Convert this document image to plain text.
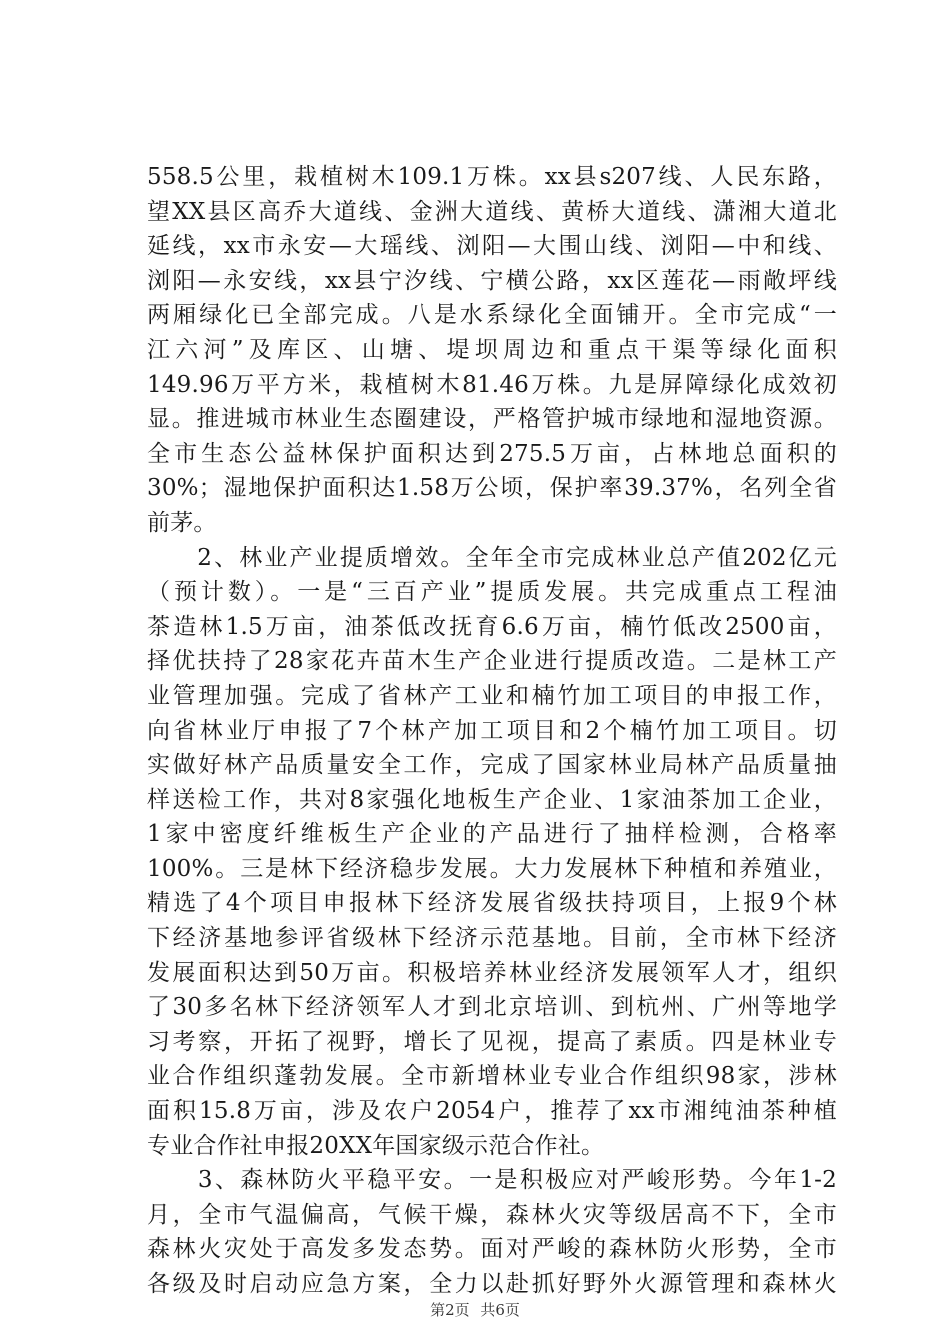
558.5公里，栽植树木109.1万株。xx县s207线、人民东路，
望XX县区高乔大道线、金洲大道线、黄桥大道线、潇湘大道北
延线，xx市永安—大瑶线、浏阳—大围山线、浏阳—中和线、
浏阳—永安线，xx县宁汐线、宁横公路，xx区莲花—雨敞坪线
两厢绿化已全部完成。八是水系绿化全面铺开。全市完成“一
江六河”及库区、山塘、堤坝周边和重点干渠等绿化面积
149.96万平方米，栽植树木81.46万株。九是屏障绿化成效初
显。推进城市林业生态圈建设，严格管护城市绿地和湿地资源。
全市生态公益林保护面积达到275.5万亩，占林地总面积的
30%；湿地保护面积达1.58万公顷，保护率39.37%，名列全省
前茅。
　　2、林业产业提质增效。全年全市完成林业总产值202亿元
（预计数）。一是“三百产业”提质发展。共完成重点工程油
茶造林1.5万亩，油茶低改抚育6.6万亩，楠竹低改2500亩，
择优扶持了28家花卉苗木生产企业进行提质改造。二是林工产
业管理加强。完成了省林产工业和楠竹加工项目的申报工作，
向省林业厅申报了7个林产加工项目和2个楠竹加工项目。切
实做好林产品质量安全工作，完成了国家林业局林产品质量抽
样送检工作，共对8家强化地板生产企业、1家油茶加工企业，
1家中密度纤维板生产企业的产品进行了抽样检测，合格率
100%。三是林下经济稳步发展。大力发展林下种植和养殖业，
精选了4个项目申报林下经济发展省级扶持项目，上报9个林
下经济基地参评省级林下经济示范基地。目前，全市林下经济
发展面积达到50万亩。积极培养林业经济发展领军人才，组织
了30多名林下经济领军人才到北京培训、到杭州、广州等地学
习考察，开拓了视野，增长了见视，提高了素质。四是林业专
业合作组织蓬勃发展。全市新增林业专业合作组织98家，涉林
面积15.8万亩，涉及农户2054户，推荐了xx市湘纯油茶种植
专业合作社申报20XX年国家级示范合作社。
　　3、森林防火平稳平安。一是积极应对严峻形势。今年1-2
月，全市气温偏高，气候干燥，森林火灾等级居高不下，全市
森林火灾处于高发多发态势。面对严峻的森林防火形势，全市
各级及时启动应急方案，全力以赴抓好野外火源管理和森林火
第2页 共6页
